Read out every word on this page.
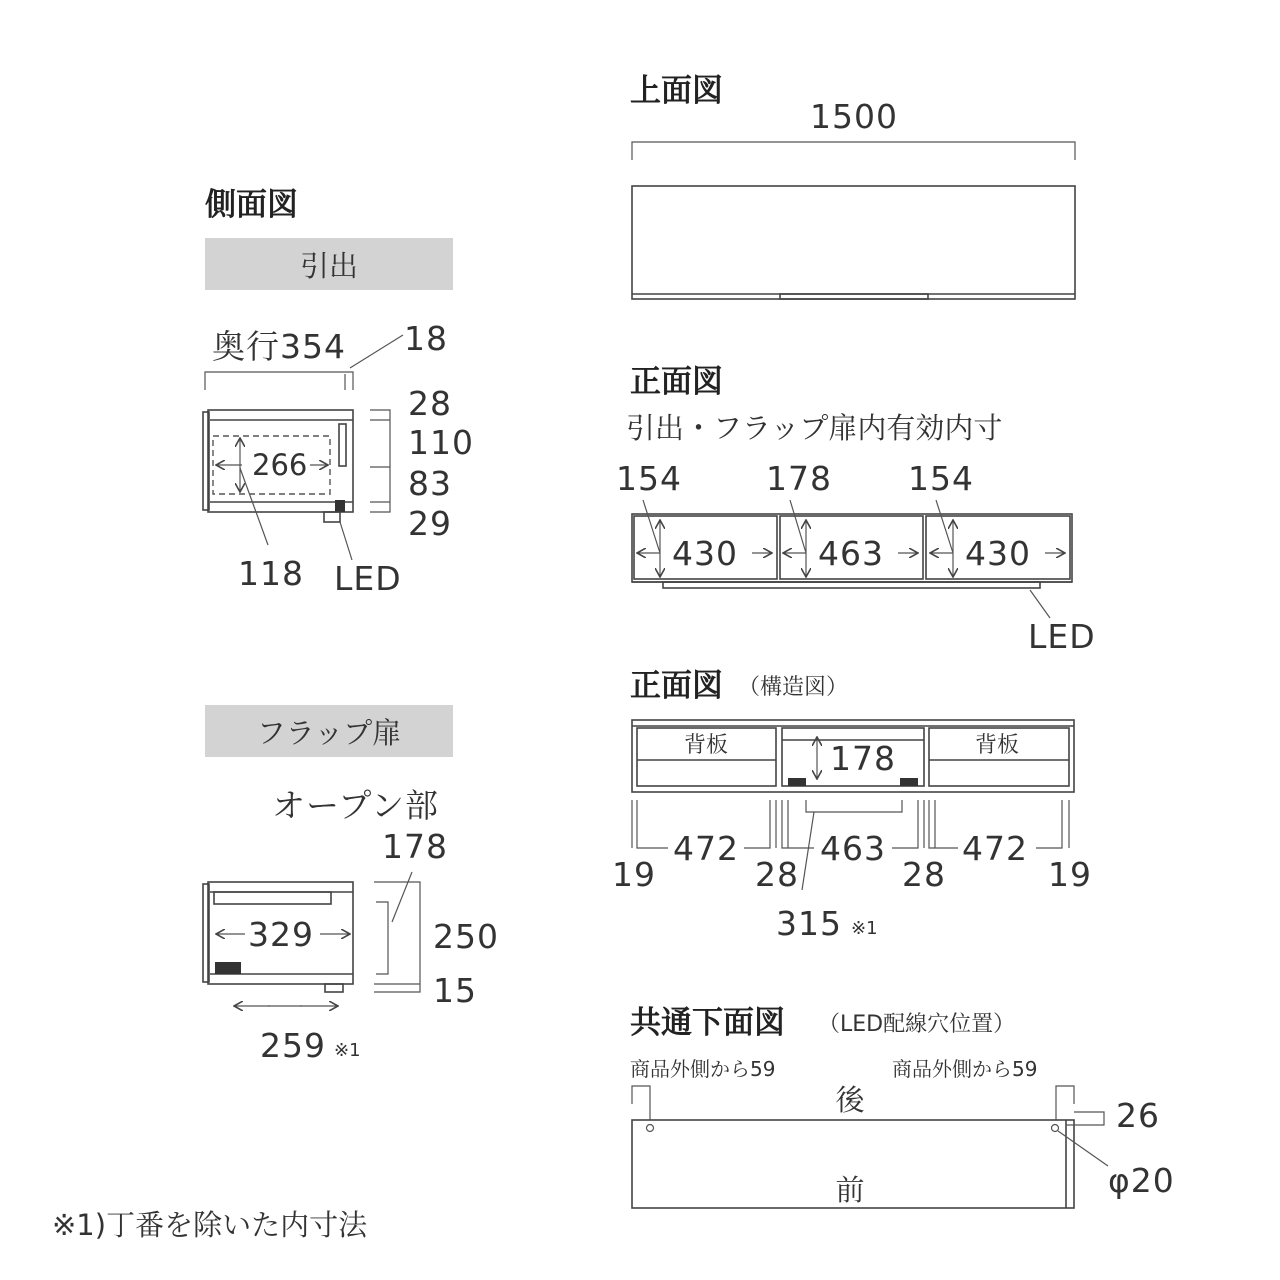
側面図
引出
奥行354 18
266
118 LED
28
110
83
29
フラップ扉
オープン部
178
329	250
15
259 ※1
上面図
1500
正面図
引出・フラップ扉内有効内寸
154	178 154
430 463 430
LED
正面図 （構造図）
背板	背板
178
472 463 472
19	28	28	19
315 ※1
共通下面図 （LED配線穴位置）
商品外側から59	商品外側から59
後	26
φ20
前
※1)丁番を除いた内寸法
